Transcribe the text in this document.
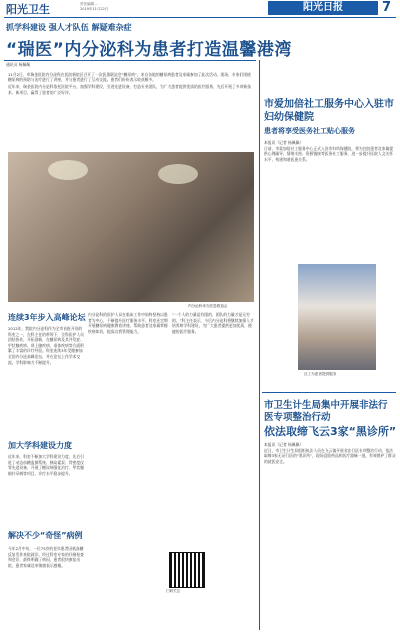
阳光卫生	责任编辑 ...
2019年11月22日	阳光日报	7
抓学科建设 强人才队伍 解疑难杂症
“瑞医”内分泌科为患者打造温馨港湾
通讯员 杨佩佩
11月2日，市瑞金医院内分泌科在医院新院区召开了一次医患联谊会“糖尿病”，来自各地的糖尿病患者及家属参加了此次活动。现场，专家们围绕糖尿病的预防与治疗进行了讲座，并与患者进行了互动交流。患者们纷纷表示收获颇多。
近年来，瑞金医院内分泌科依托医院平台，加强学科建设，引进先进设备，打造专业团队，为广大患者提供优质的医疗服务，先后开展了多项新技术、新项目，赢得了患者的广泛好评。
内分泌科举办医患联谊会
连续3年步入高峰论坛
2012年，我院内分泌科作为全市首批开设的科室之一，在科主任的带领下，全科医护人员团结协作，开拓创新，在糖尿病及其并发症、甲状腺疾病、肾上腺疾病、垂体疾病等方面积累了丰富的诊疗经验。科室连续3年受邀参加全国内分泌高峰论坛，并在论坛上作学术交流，学科影响力不断提升。
加大学科建设力度
近年来，科室不断加大学科建设力度，先后引进了动态血糖监测系统、胰岛素泵、骨密度仪等先进设备，开展了糖尿病强化治疗、甲状腺细针穿刺等项目，诊疗水平稳步提升。
解决不少“奇怪”病例
今年2月中旬，一位75岁的老年患者因低血糖反复发作来院就诊。经过科室专家的仔细检查和会诊，最终明确了病因，患者很快康复出院，患者家属送来锦旗表示感谢。
内分泌科的医护人员在临床工作中始终坚持以患者为中心，不断提升医疗服务水平。科室还定期开展糖尿病健康教育讲座，帮助患者及家属掌握疾病知识，提高自我管理能力。
“一个人的力量是有限的，团队的力量才是无穷的。”科主任表示，今后内分泌科将继续加强人才培养和学科建设，为广大患者提供更加优质、便捷的医疗服务。
扫码关注
市爱加倍社工服务中心入驻市妇幼保健院
患者将享受医务社工贴心服务
本报讯（记者 杨佩佩）
日前，市爱加倍社工服务中心正式入驻市妇幼保健院，将为住院患者及家属提供心理疏导、情绪支持、资源链接等医务社工服务，进一步提升医院人文关怀水平，构建和谐医患关系。
社工为患者提供服务
市卫生计生局集中开展非法行医专项整治行动
依法取缔飞云3家“黑诊所”
本报讯（记者 杨佩佩）
近日，市卫生计生局组织执法人员在飞云镇开展非法行医专项整治行动，依法取缔3家无证行医的“黑诊所”，现场没收药品和医疗器械一批，有效维护了群众的就医安全。
